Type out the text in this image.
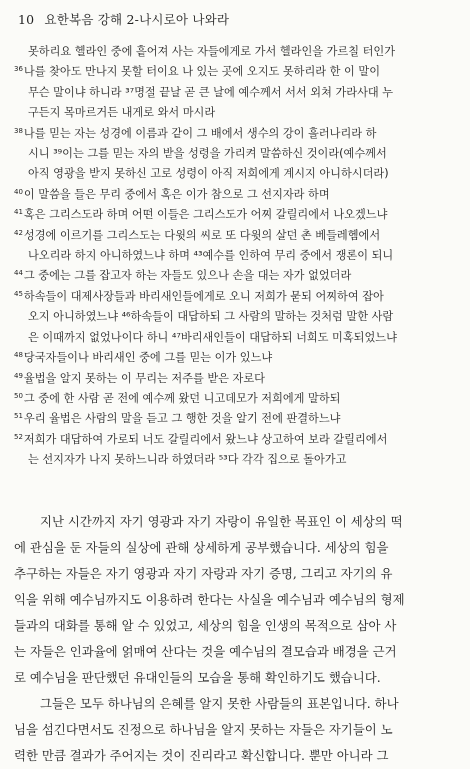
10 요한복음 강해 2-나시로아 나와라
못하리요 헬라인 중에 흩어져 사는 자들에게로 가서 헬라인을 가르칠 터인가
$^{36}$나를 찾아도 만나지 못할 터이요 나 있는 곳에 오지도 못하리라 한 이 말이
무슨 말이냐 하니라 ³⁷명절 끝날 곧 큰 날에 예수께서 서서 외쳐 가라사대 누
구든지 목마르거든 내게로 와서 마시라
$^{38}$나를 믿는 자는 성경에 이름과 같이 그 배에서 생수의 강이 흘러나리라 하
시니 ³⁹이는 그를 믿는 자의 받을 성령을 가리켜 말씀하신 것이라(예수께서
아직 영광을 받지 못하신 고로 성령이 아직 저희에게 계시지 아니하시더라)
$^{40}$이 말씀을 들은 무리 중에서 혹은 이가 참으로 그 선지자라 하며
$^{41}$혹은 그리스도라 하며 어떤 이들은 그리스도가 어찌 갈릴리에서 나오겠느냐
$^{42}$성경에 이르기를 그리스도는 다윗의 씨로 또 다윗의 살던 촌 베들레헴에서
나오리라 하지 아니하였느냐 하며 ⁴³예수를 인하여 무리 중에서 쟁론이 되니
$^{44}$그 중에는 그를 잡고자 하는 자들도 있으나 손을 대는 자가 없었더라
$^{45}$하속들이 대제사장들과 바리새인들에게로 오니 저희가 묻되 어찌하여 잡아
오지 아니하였느냐 ⁴⁶하속들이 대답하되 그 사람의 말하는 것처럼 말한 사람
은 이때까지 없었나이다 하니 ⁴⁷바리새인들이 대답하되 너희도 미혹되었느냐
$^{48}$당국자들이나 바리새인 중에 그를 믿는 이가 있느냐
$^{49}$율법을 알지 못하는 이 무리는 저주를 받은 자로다
$^{50}$그 중에 한 사람 곧 전에 예수께 왔던 니고데모가 저희에게 말하되
$^{51}$우리 율법은 사람의 말을 듣고 그 행한 것을 알기 전에 판결하느냐
$^{52}$저희가 대답하여 가로되 너도 갈릴리에서 왔느냐 상고하여 보라 갈릴리에서
는 선지자가 나지 못하느니라 하였더라 ⁵³다 각각 집으로 돌아가고
지난 시간까지 자기 영광과 자기 자랑이 유일한 목표인 이 세상의 떡
에 관심을 둔 자들의 실상에 관해 상세하게 공부했습니다. 세상의 힘을
추구하는 자들은 자기 영광과 자기 자랑과 자기 증명, 그리고 자기의 유
익을 위해 예수님까지도 이용하려 한다는 사실을 예수님과 예수님의 형제
들과의 대화를 통해 알 수 있었고, 세상의 힘을 인생의 목적으로 삼아 사
는 자들은 인과율에 얽매여 산다는 것을 예수님의 결모습과 배경을 근거
로 예수님을 판단했던 유대인들의 모습을 통해 확인하기도 했습니다.
그들은 모두 하나님의 은혜를 알지 못한 사람들의 표본입니다. 하나
님을 섬긴다면서도 진정으로 하나님을 알지 못하는 자들은 자기들이 노
력한 만큼 결과가 주어지는 것이 진리라고 확신합니다. 뿐만 아니라 그
